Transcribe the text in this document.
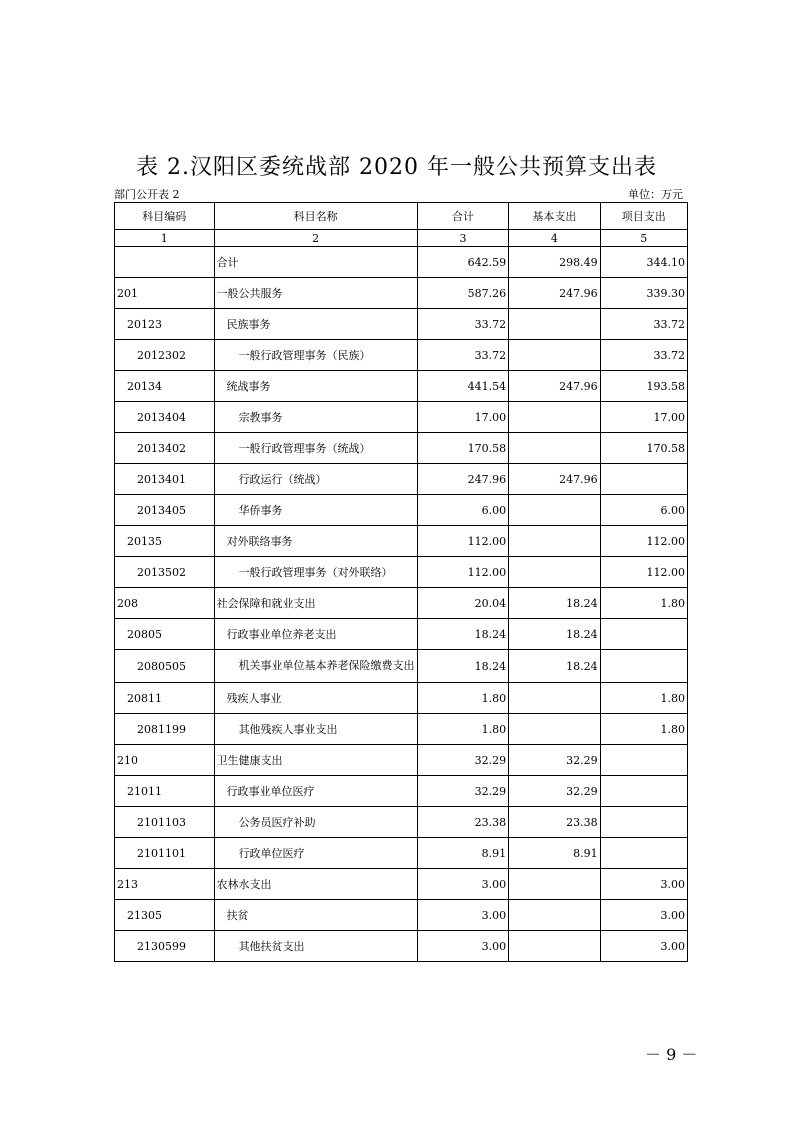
表 2.汉阳区委统战部 2020 年一般公共预算支出表
部门公开表 2	单位：万元
科目编码	科目名称	合计	基本支出	项目支出
1	2	3	4	5
	合计	642.59	298.49	344.10
201	一般公共服务	587.26	247.96	339.30
20123	民族事务	33.72		33.72
2012302	一般行政管理事务（民族）	33.72		33.72
20134	统战事务	441.54	247.96	193.58
2013404	宗教事务	17.00		17.00
2013402	一般行政管理事务（统战）	170.58		170.58
2013401	行政运行（统战）	247.96	247.96	
2013405	华侨事务	6.00		6.00
20135	对外联络事务	112.00		112.00
2013502	一般行政管理事务（对外联络）	112.00		112.00
208	社会保障和就业支出	20.04	18.24	1.80
20805	行政事业单位养老支出	18.24	18.24	
2080505	机关事业单位基本养老保险缴费支出	18.24	18.24	
20811	残疾人事业	1.80		1.80
2081199	其他残疾人事业支出	1.80		1.80
210	卫生健康支出	32.29	32.29	
21011	行政事业单位医疗	32.29	32.29	
2101103	公务员医疗补助	23.38	23.38	
2101101	行政单位医疗	8.91	8.91	
213	农林水支出	3.00		3.00
21305	扶贫	3.00		3.00
2130599	其他扶贫支出	3.00		3.00
－ 9 －
